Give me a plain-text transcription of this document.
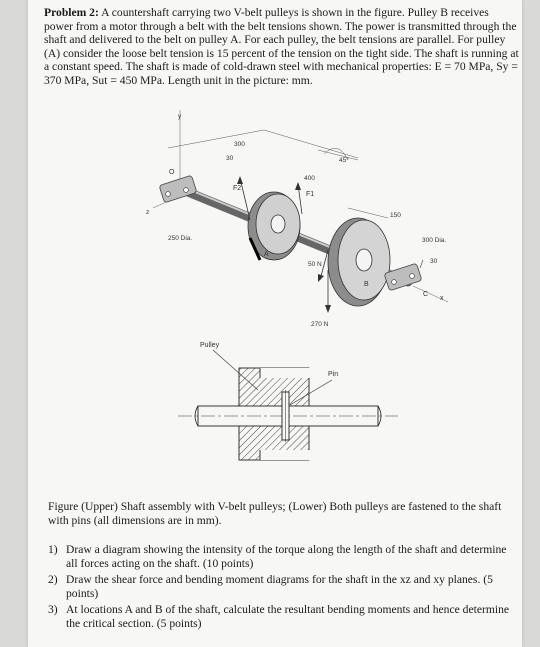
Problem 2: A countershaft carrying two V-belt pulleys is shown in the figure. Pulley B receives power from a motor through a belt with the belt tensions shown. The power is transmitted through the shaft and delivered to the belt on pulley A. For each pulley, the belt tensions are parallel. For pulley (A) consider the loose belt tension is 15 percent of the tension on the tight side. The shaft is running at a constant speed. The shaft is made of cold-drawn steel with mechanical properties: E = 70 MPa, Sy = 370 MPa, Sut = 450 MPa. Length unit in the picture: mm.
y
z
O
300
30
F2
400
F1
45°
150
250 Dia.
A
50 N
300 Dia.
30
B
C
x
270 N
Pulley
Pin
Figure (Upper) Shaft assembly with V-belt pulleys; (Lower) Both pulleys are fastened to the shaft with pins (all dimensions are in mm).
1) Draw a diagram showing the intensity of the torque along the length of the shaft and determine all forces acting on the shaft. (10 points)
2) Draw the shear force and bending moment diagrams for the shaft in the xz and xy planes. (5 points)
3) At locations A and B of the shaft, calculate the resultant bending moments and hence determine the critical section. (5 points)
